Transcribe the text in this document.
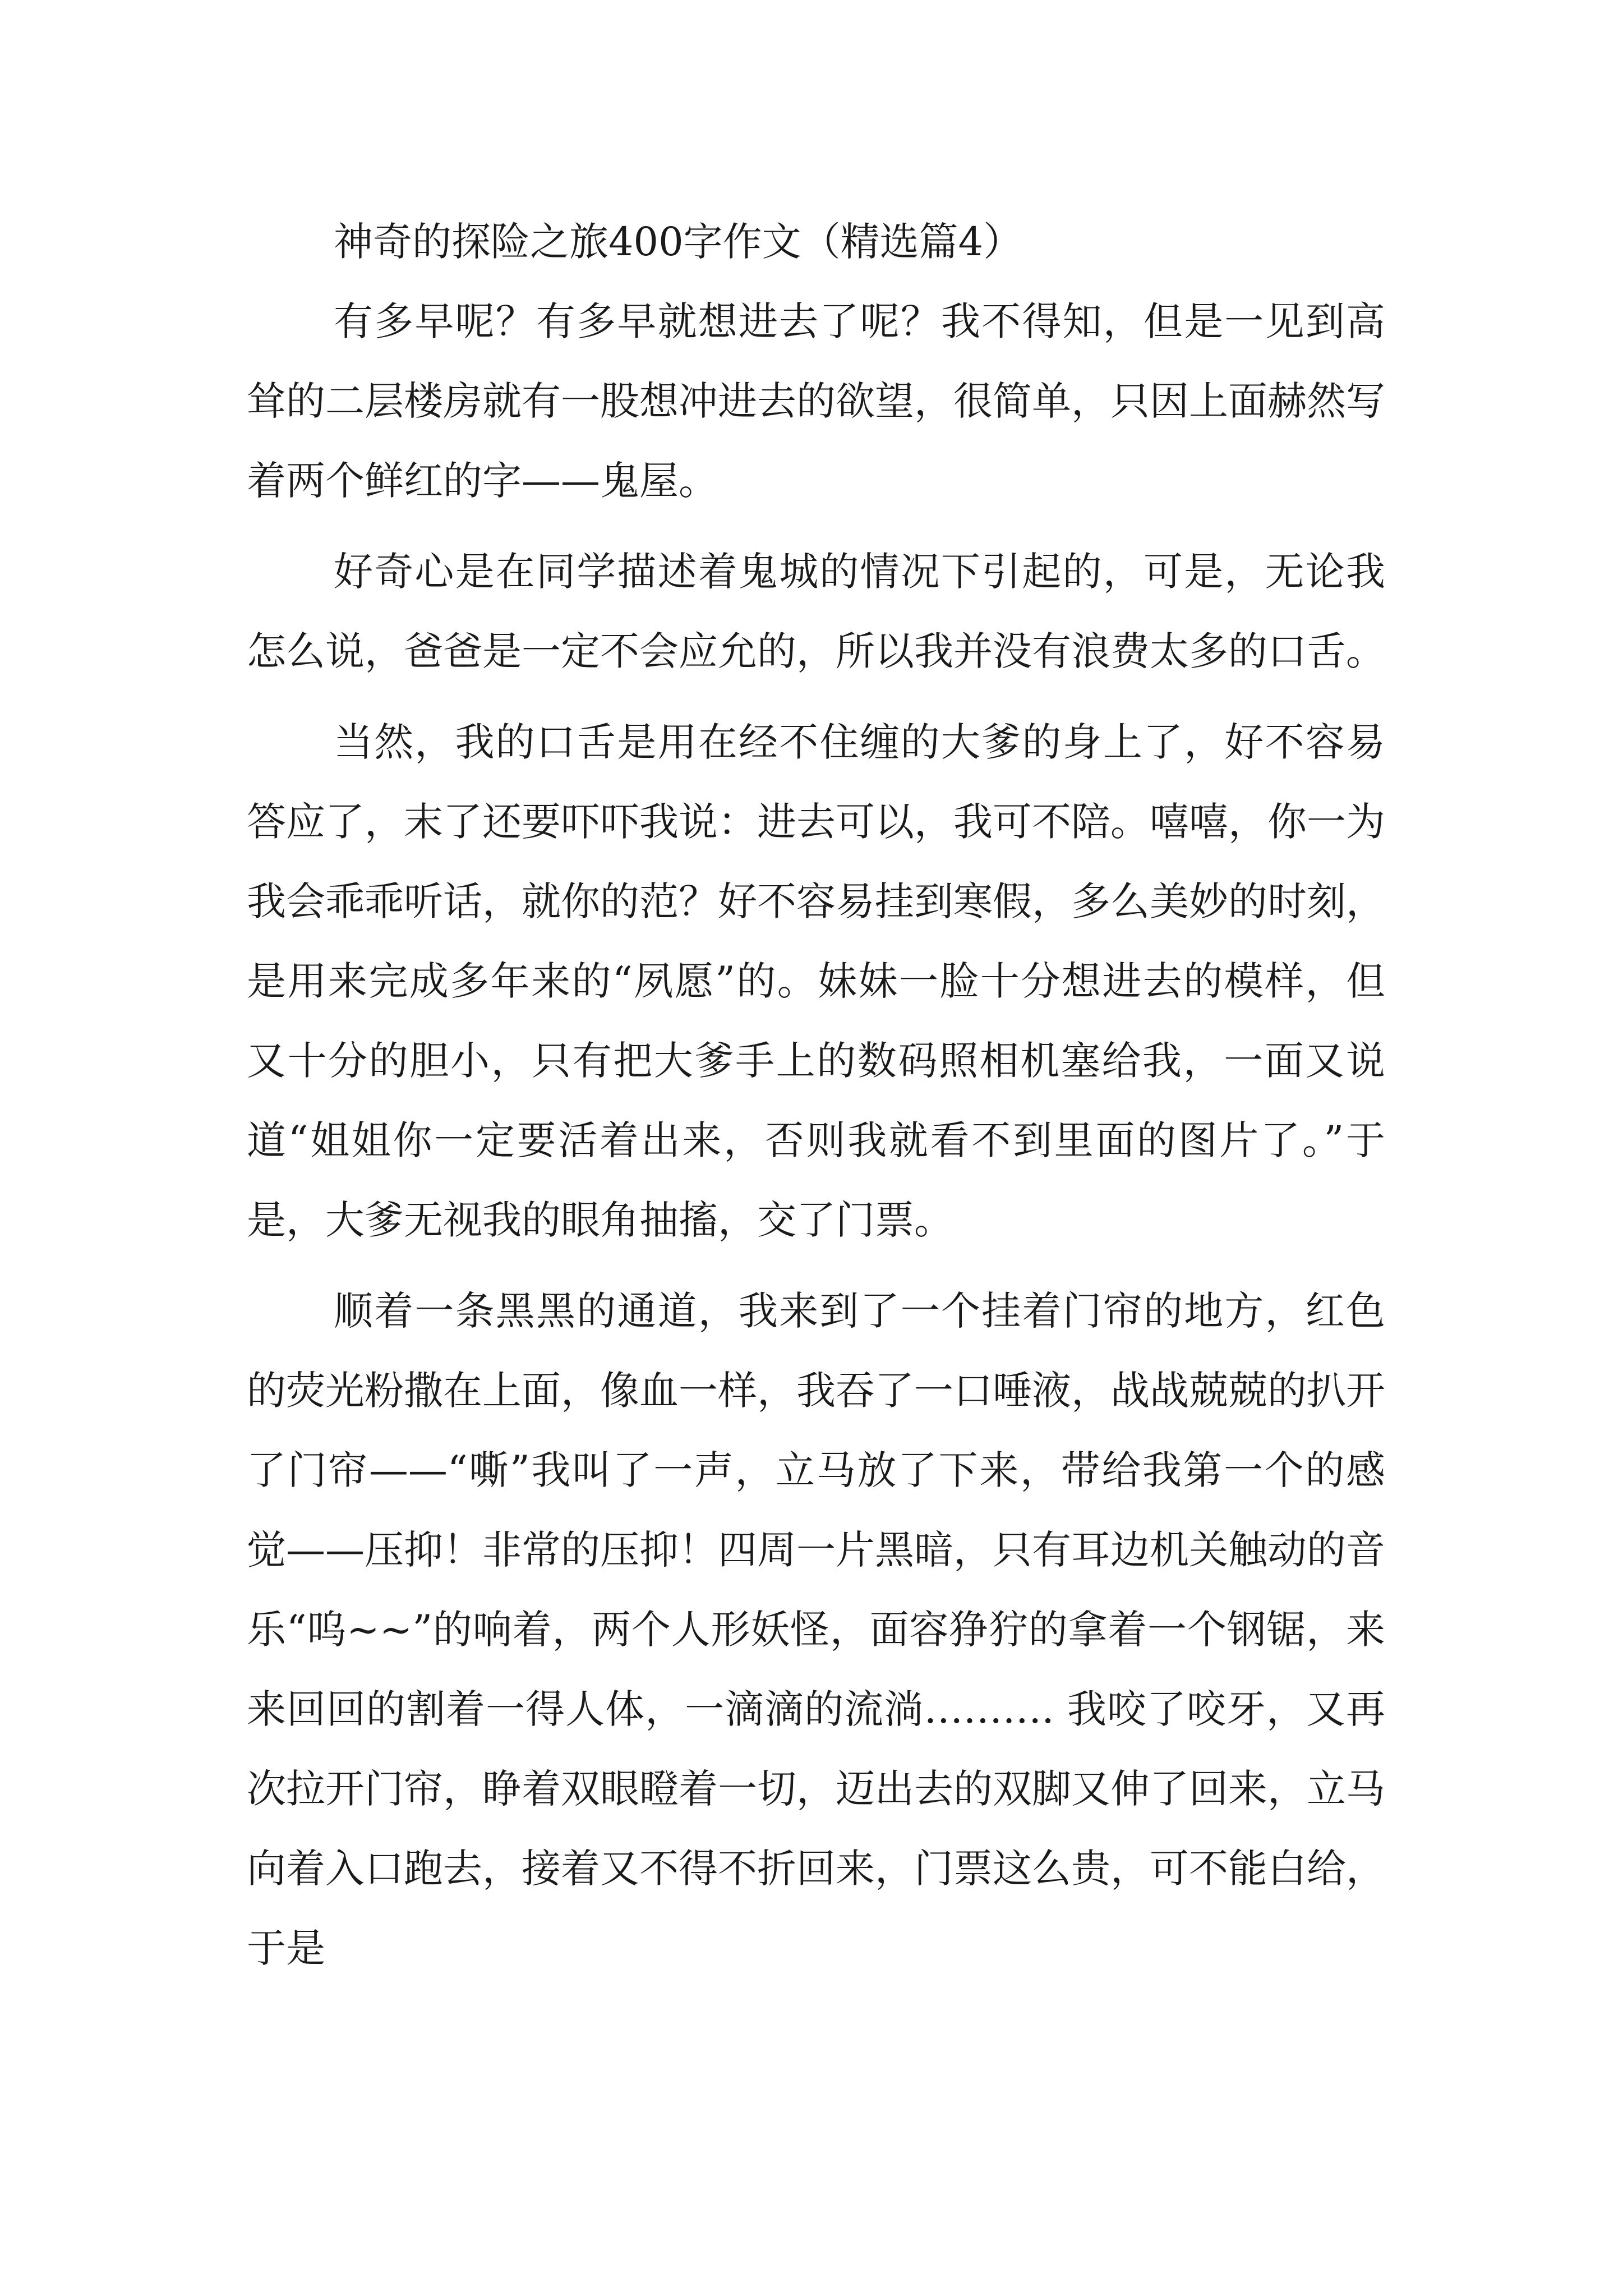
神奇的探险之旅400字作文（精选篇4）

有多早呢？有多早就想进去了呢？我不得知，但是一见到高耸的二层楼房就有一股想冲进去的欲望，很简单，只因上面赫然写着两个鲜红的字——鬼屋。

好奇心是在同学描述着鬼城的情况下引起的，可是，无论我怎么说，爸爸是一定不会应允的，所以我并没有浪费太多的口舌。

当然，我的口舌是用在经不住缠的大爹的身上了，好不容易答应了，末了还要吓吓我说：进去可以，我可不陪。嘻嘻，你一为我会乖乖听话，就你的范？好不容易挂到寒假，多么美妙的时刻，是用来完成多年来的“夙愿”的。妹妹一脸十分想进去的模样，但又十分的胆小，只有把大爹手上的数码照相机塞给我，一面又说道“姐姐你一定要活着出来，否则我就看不到里面的图片了。”于是，大爹无视我的眼角抽搐，交了门票。

顺着一条黑黑的通道，我来到了一个挂着门帘的地方，红色的荧光粉撒在上面，像血一样，我吞了一口唾液，战战兢兢的扒开了门帘——“嘶”我叫了一声，立马放了下来，带给我第一个的感觉——压抑！非常的压抑！四周一片黑暗，只有耳边机关触动的音乐“呜~~”的响着，两个人形妖怪，面容狰狞的拿着一个钢锯，来来回回的割着一得人体，一滴滴的流淌………. 我咬了咬牙，又再次拉开门帘，睁着双眼瞪着一切，迈出去的双脚又伸了回来，立马向着入口跑去，接着又不得不折回来，门票这么贵，可不能白给，于是
